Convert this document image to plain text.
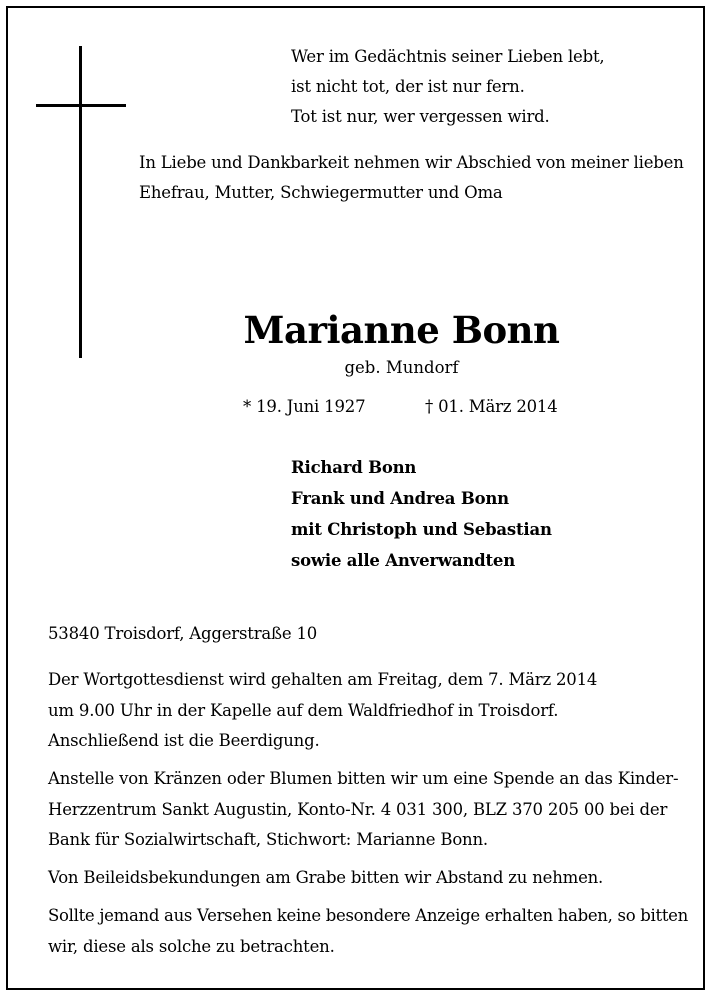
Wer im Gedächtnis seiner Lieben lebt,
ist nicht tot, der ist nur fern.
Tot ist nur, wer vergessen wird.
In Liebe und Dankbarkeit nehmen wir Abschied von meiner lieben
Ehefrau, Mutter, Schwiegermutter und Oma
Marianne Bonn
geb. Mundorf
* 19. Juni 1927	† 01. März 2014
Richard Bonn
Frank und Andrea Bonn
mit Christoph und Sebastian
sowie alle Anverwandten
53840 Troisdorf, Aggerstraße 10
Der Wortgottesdienst wird gehalten am Freitag, dem 7. März 2014
um 9.00 Uhr in der Kapelle auf dem Waldfriedhof in Troisdorf.
Anschließend ist die Beerdigung.
Anstelle von Kränzen oder Blumen bitten wir um eine Spende an das Kinder-
Herzzentrum Sankt Augustin, Konto-Nr. 4 031 300, BLZ 370 205 00 bei der
Bank für Sozialwirtschaft, Stichwort: Marianne Bonn.
Von Beileidsbekundungen am Grabe bitten wir Abstand zu nehmen.
Sollte jemand aus Versehen keine besondere Anzeige erhalten haben, so bitten
wir, diese als solche zu betrachten.
